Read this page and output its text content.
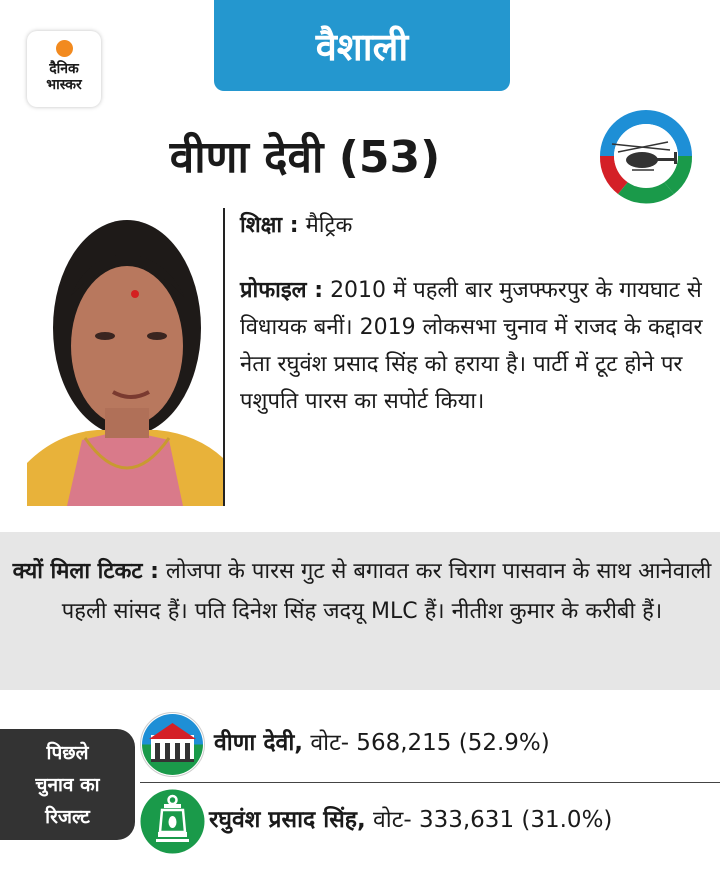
वैशाली
दैनिक
भास्कर
वीणा देवी (53)
शिक्षा : मैट्रिक
प्रोफाइल : 2010 में पहली बार मुजफ्फरपुर के गायघाट से विधायक बनीं। 2019 लोकसभा चुनाव में राजद के कद्दावर नेता रघुवंश प्रसाद सिंह को हराया है। पार्टी में टूट होने पर पशुपति पारस का सपोर्ट किया।
क्यों मिला टिकट : लोजपा के पारस गुट से बगावत कर चिराग पासवान के साथ आनेवाली पहली सांसद हैं। पति दिनेश सिंह जदयू MLC हैं। नीतीश कुमार के करीबी हैं।
पिछले
चुनाव का
रिजल्ट
वीणा देवी, वोट- 568,215 (52.9%)
रघुवंश प्रसाद सिंह, वोट- 333,631 (31.0%)
